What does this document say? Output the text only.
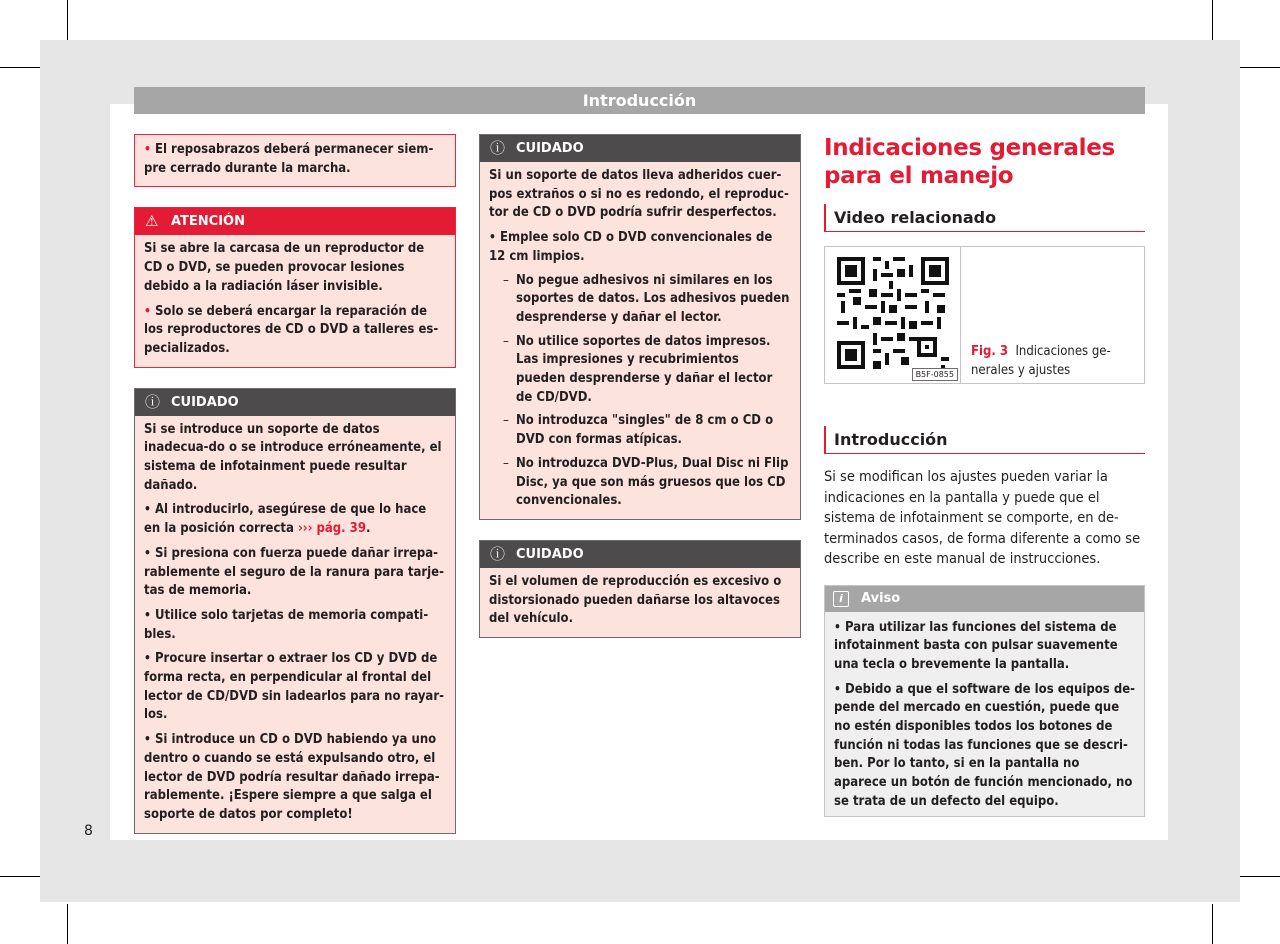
Introducción

• El reposabrazos deberá permanecer siem-pre cerrado durante la marcha.

⚠ ATENCIÓN

Si se abre la carcasa de un reproductor de CD o DVD, se pueden provocar lesiones debido a la radiación láser invisible.

• Solo se deberá encargar la reparación de los reproductores de CD o DVD a talleres es-pecializados.

ⓘ CUIDADO

Si se introduce un soporte de datos inadecua-do o se introduce erróneamente, el sistema de infotainment puede resultar dañado.

• Al introducirlo, asegúrese de que lo hace en la posición correcta ››› pág. 39.

• Si presiona con fuerza puede dañar irrepa-rablemente el seguro de la ranura para tarje-tas de memoria.

• Utilice solo tarjetas de memoria compati-bles.

• Procure insertar o extraer los CD y DVD de forma recta, en perpendicular al frontal del lector de CD/DVD sin ladearlos para no rayar-los.

• Si introduce un CD o DVD habiendo ya uno dentro o cuando se está expulsando otro, el lector de DVD podría resultar dañado irrepa-rablemente. ¡Espere siempre a que salga el soporte de datos por completo!

ⓘ CUIDADO

Si un soporte de datos lleva adheridos cuer-pos extraños o si no es redondo, el reproduc-tor de CD o DVD podría sufrir desperfectos.

• Emplee solo CD o DVD convencionales de 12 cm limpios.

– No pegue adhesivos ni similares en los soportes de datos. Los adhesivos pueden desprenderse y dañar el lector.
– No utilice soportes de datos impresos. Las impresiones y recubrimientos pueden desprenderse y dañar el lector de CD/DVD.
– No introduzca "singles" de 8 cm o CD o DVD con formas atípicas.
– No introduzca DVD-Plus, Dual Disc ni Flip Disc, ya que son más gruesos que los CD convencionales.
ⓘ CUIDADO

Si el volumen de reproducción es excesivo o distorsionado pueden dañarse los altavoces del vehículo.

Indicaciones generales para el manejo
Video relacionado
B5F-0855
Fig. 3 Indicaciones ge-nerales y ajustes
Introducción
Si se modifican los ajustes pueden variar la indicaciones en la pantalla y puede que el sistema de infotainment se comporte, en de-terminados casos, de forma diferente a como se describe en este manual de instrucciones.
i	Aviso

• Para utilizar las funciones del sistema de infotainment basta con pulsar suavemente una tecla o brevemente la pantalla.

• Debido a que el software de los equipos de-pende del mercado en cuestión, puede que no estén disponibles todos los botones de función ni todas las funciones que se descri-ben. Por lo tanto, si en la pantalla no aparece un botón de función mencionado, no se trata de un defecto del equipo.

8
